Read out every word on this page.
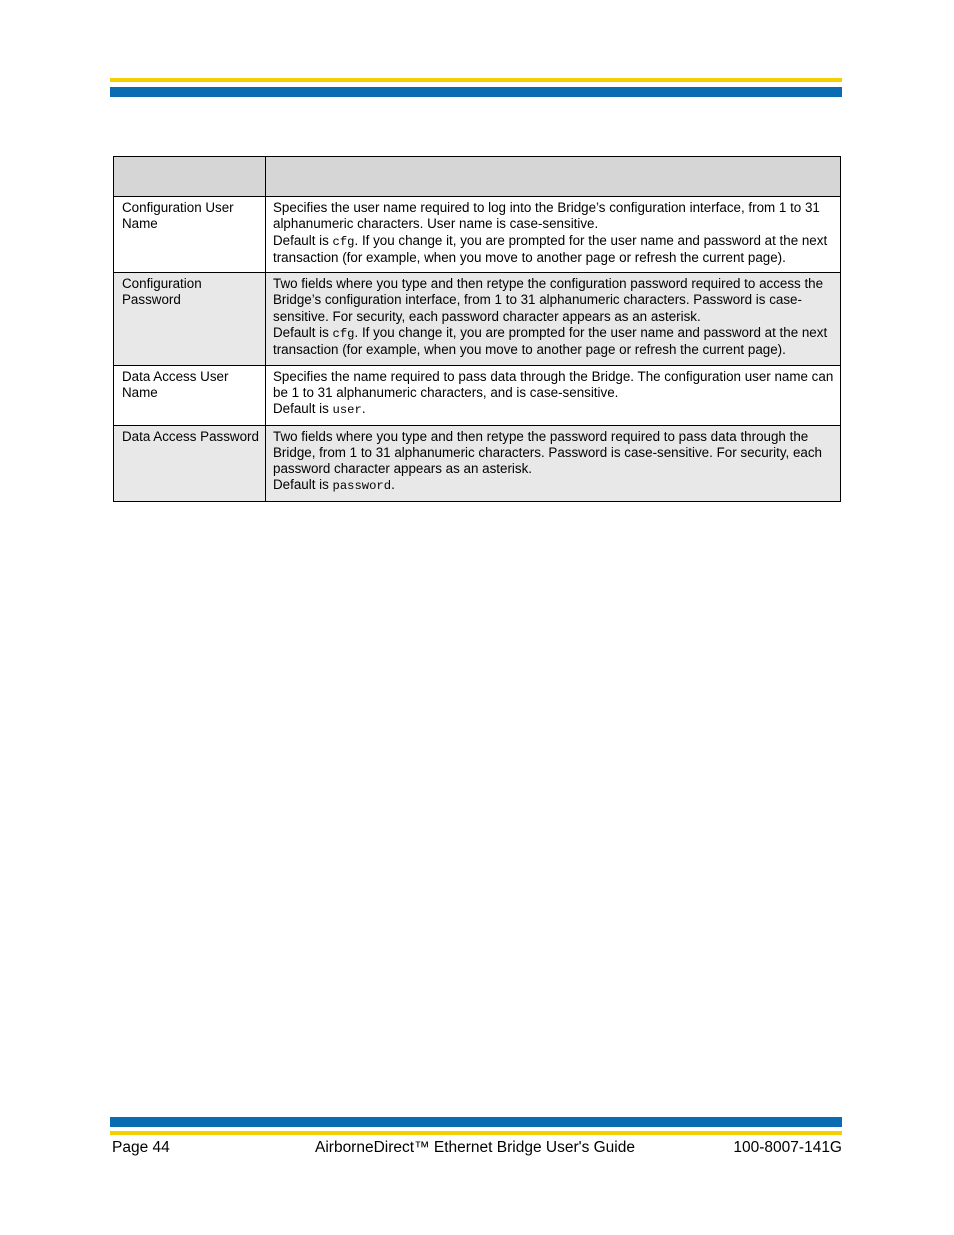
Configuration User Name	Specifies the user name required to log into the Bridge’s configuration interface, from 1 to 31 alphanumeric characters. User name is case-sensitive.
Default is cfg. If you change it, you are prompted for the user name and password at the next transaction (for example, when you move to another page or refresh the current page).

Configuration Password	Two fields where you type and then retype the configuration password required to access the Bridge’s configuration interface, from 1 to 31 alphanumeric characters. Password is case-sensitive. For security, each password character appears as an asterisk.
Default is cfg. If you change it, you are prompted for the user name and password at the next transaction (for example, when you move to another page or refresh the current page).

Data Access User Name	Specifies the name required to pass data through the Bridge. The configuration user name can be 1 to 31 alphanumeric characters, and is case-sensitive.
Default is user.

Data Access Password	Two fields where you type and then retype the password required to pass data through the Bridge, from 1 to 31 alphanumeric characters. Password is case-sensitive. For security, each password character appears as an asterisk.
Default is password.
Page 44	AirborneDirect™ Ethernet Bridge User's Guide	100-8007-141G
